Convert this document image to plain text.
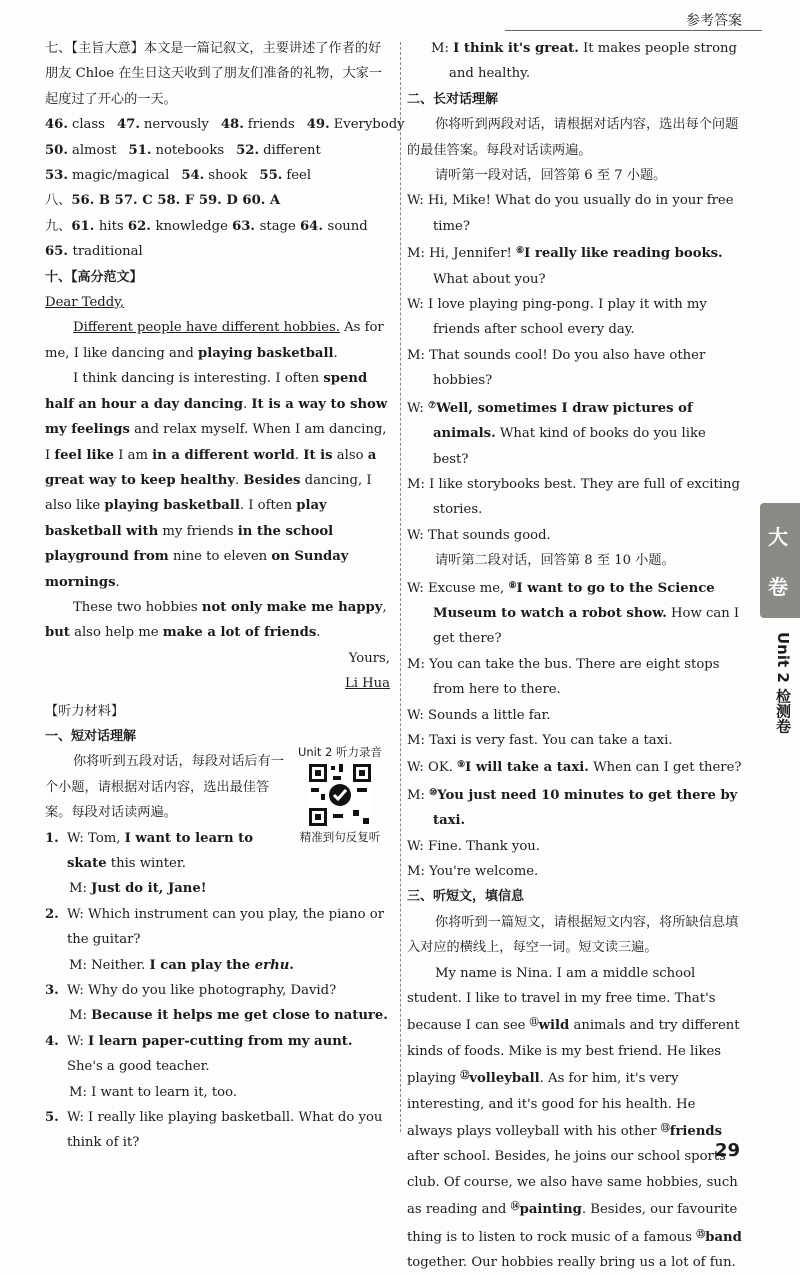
参考答案

七、【主旨大意】本文是一篇记叙文，主要讲述了作者的好朋友 Chloe 在生日这天收到了朋友们准备的礼物，大家一起度过了开心的一天。

46. class 47. nervously 48. friends 49. Everybody

50. almost 51. notebooks 52. different

53. magic/magical 54. shook 55. feel

八、56. B 57. C 58. F 59. D 60. A

九、61. hits 62. knowledge 63. stage 64. sound 65. traditional

十、【高分范文】

Dear Teddy,

Different people have different hobbies. As for me, I like dancing and playing basketball.

I think dancing is interesting. I often spend half an hour a day dancing. It is a way to show my feelings and relax myself. When I am dancing, I feel like I am in a different world. It is also a great way to keep healthy. Besides dancing, I also like playing basketball. I often play basketball with my friends in the school playground from nine to eleven on Sunday mornings.

These two hobbies not only make me happy, but also help me make a lot of friends.

Yours,

Li Hua

【听力材料】

一、短对话理解

Unit 2 听力录音
精准到句反复听

你将听到五段对话，每段对话后有一个小题，请根据对话内容，选出最佳答案。每段对话读两遍。

1. W: Tom, I want to learn to skate this winter.

M: Just do it, Jane!

2. W: Which instrument can you play, the piano or the guitar?

M: Neither. I can play the erhu.

3. W: Why do you like photography, David?

M: Because it helps me get close to nature.

4. W: I learn paper-cutting from my aunt. She's a good teacher.

M: I want to learn it, too.

5. W: I really like playing basketball. What do you think of it?

M: I think it's great. It makes people strong and healthy.

二、长对话理解

你将听到两段对话，请根据对话内容，选出每个问题的最佳答案。每段对话读两遍。

请听第一段对话，回答第 6 至 7 小题。

W: Hi, Mike! What do you usually do in your free time?

M: Hi, Jennifer! ⑥I really like reading books. What about you?

W: I love playing ping-pong. I play it with my friends after school every day.

M: That sounds cool! Do you also have other hobbies?

W: ⑦Well, sometimes I draw pictures of animals. What kind of books do you like best?

M: I like storybooks best. They are full of exciting stories.

W: That sounds good.

请听第二段对话，回答第 8 至 10 小题。

W: Excuse me, ⑧I want to go to the Science Museum to watch a robot show. How can I get there?

M: You can take the bus. There are eight stops from here to there.

W: Sounds a little far.

M: Taxi is very fast. You can take a taxi.

W: OK. ⑨I will take a taxi. When can I get there?

M: ⑩You just need 10 minutes to get there by taxi.

W: Fine. Thank you.

M: You're welcome.

三、听短文，填信息

你将听到一篇短文，请根据短文内容，将所缺信息填入对应的横线上，每空一词。短文读三遍。

My name is Nina. I am a middle school student. I like to travel in my free time. That's because I can see ⑪wild animals and try different kinds of foods. Mike is my best friend. He likes playing ⑫volleyball. As for him, it's very interesting, and it's good for his health. He always plays volleyball with his other ⑬friends after school. Besides, he joins our school sports club. Of course, we also have same hobbies, such as reading and ⑭painting. Besides, our favourite thing is to listen to rock music of a famous ⑮band together. Our hobbies really bring us a lot of fun.

大
卷
Unit 2 检测卷
29
